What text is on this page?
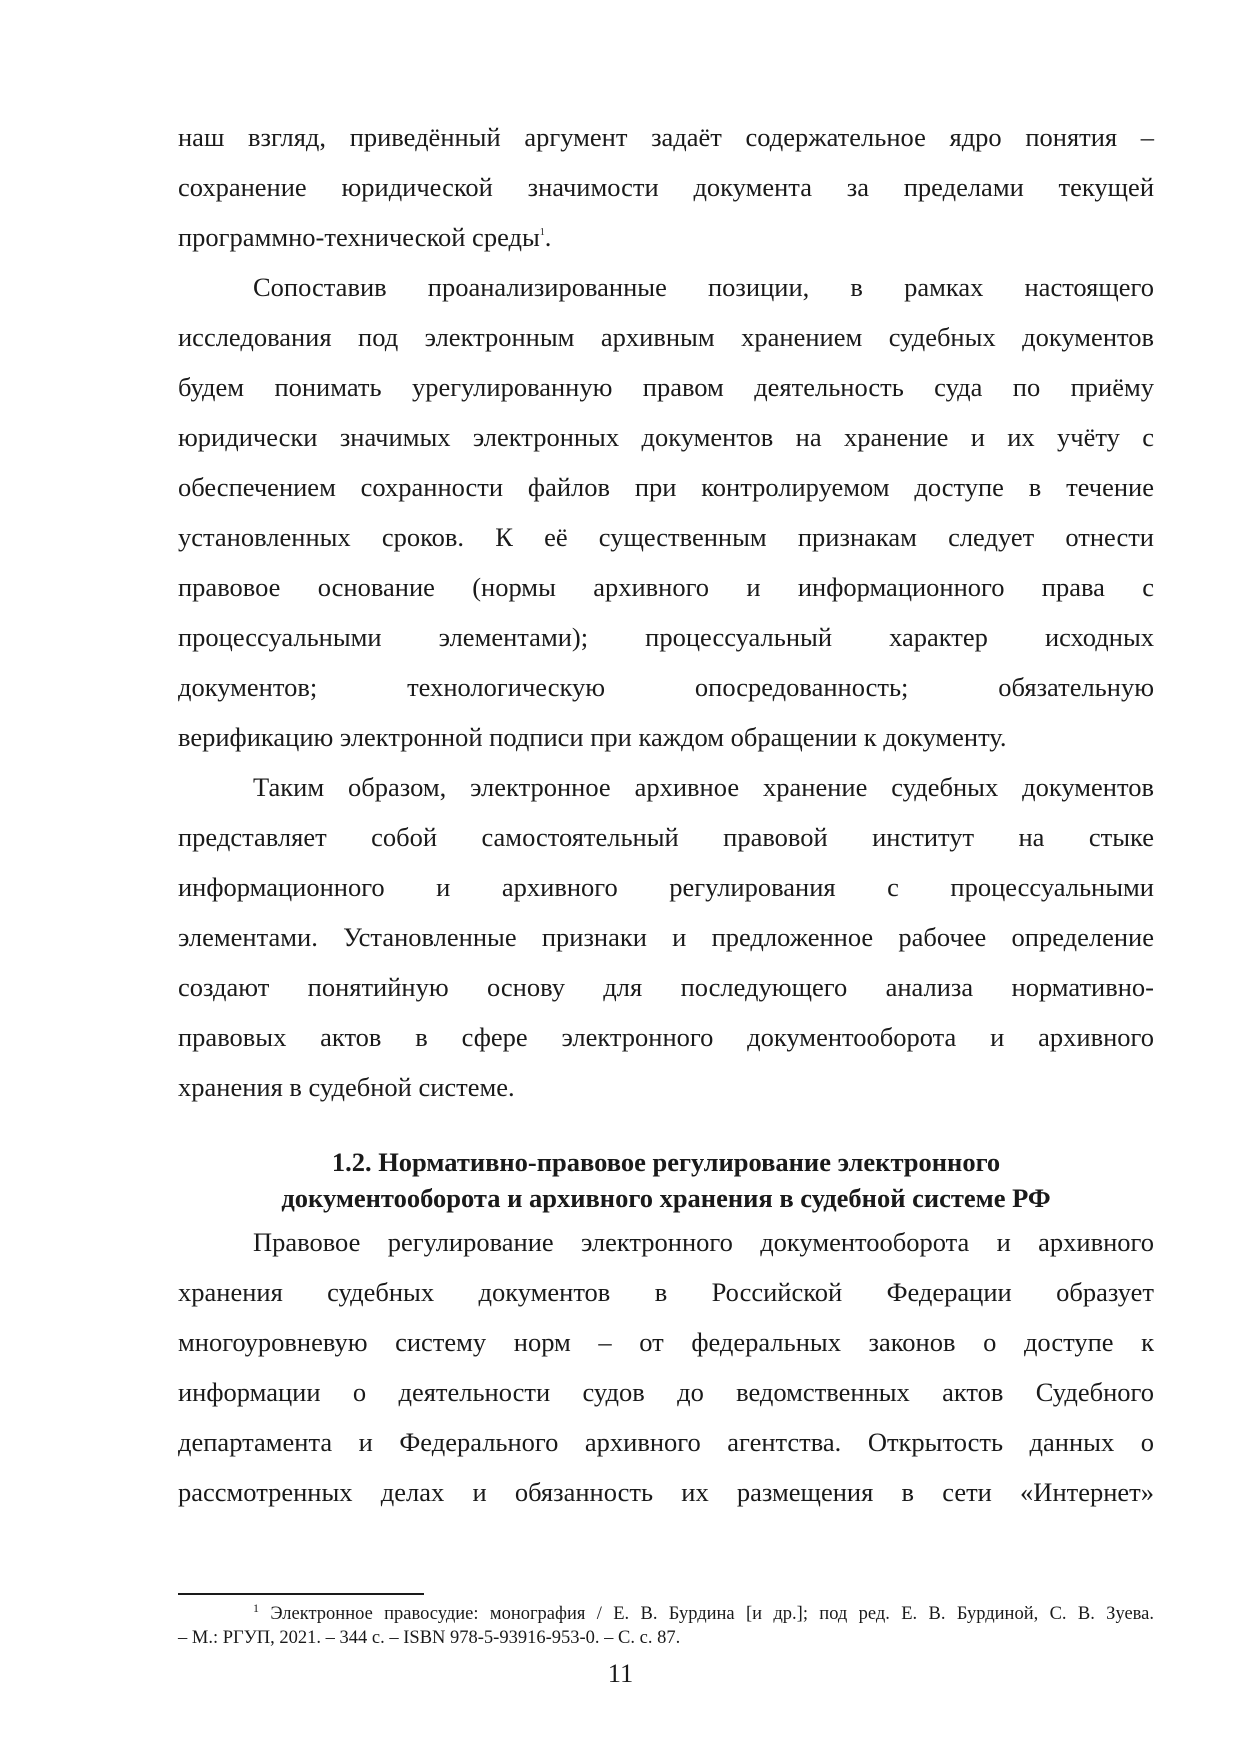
наш взгляд, приведённый аргумент задаёт содержательное ядро понятия –
сохранение юридической значимости документа за пределами текущей
программно-технической среды$^1$.
Сопоставив проанализированные позиции, в рамках настоящего
исследования под электронным архивным хранением судебных документов
будем понимать урегулированную правом деятельность суда по приёму
юридически значимых электронных документов на хранение и их учёту с
обеспечением сохранности файлов при контролируемом доступе в течение
установленных сроков. К её существенным признакам следует отнести
правовое основание (нормы архивного и информационного права с
процессуальными элементами); процессуальный характер исходных
документов; технологическую опосредованность; обязательную
верификацию электронной подписи при каждом обращении к документу.
Таким образом, электронное архивное хранение судебных документов
представляет собой самостоятельный правовой институт на стыке
информационного и архивного регулирования с процессуальными
элементами. Установленные признаки и предложенное рабочее определение
создают понятийную основу для последующего анализа нормативно-
правовых актов в сфере электронного документооборота и архивного
хранения в судебной системе.
1.2. Нормативно-правовое регулирование электронного
документооборота и архивного хранения в судебной системе РФ
Правовое регулирование электронного документооборота и архивного
хранения судебных документов в Российской Федерации образует
многоуровневую систему норм – от федеральных законов о доступе к
информации о деятельности судов до ведомственных актов Судебного
департамента и Федерального архивного агентства. Открытость данных о
рассмотренных делах и обязанность их размещения в сети «Интернет»
$^1$ Электронное правосудие: монография / Е. В. Бурдина [и др.]; под ред. Е. В. Бурдиной, С. В. Зуева.
– М.: РГУП, 2021. – 344 с. – ISBN 978-5-93916-953-0. – С. с. 87.
11
